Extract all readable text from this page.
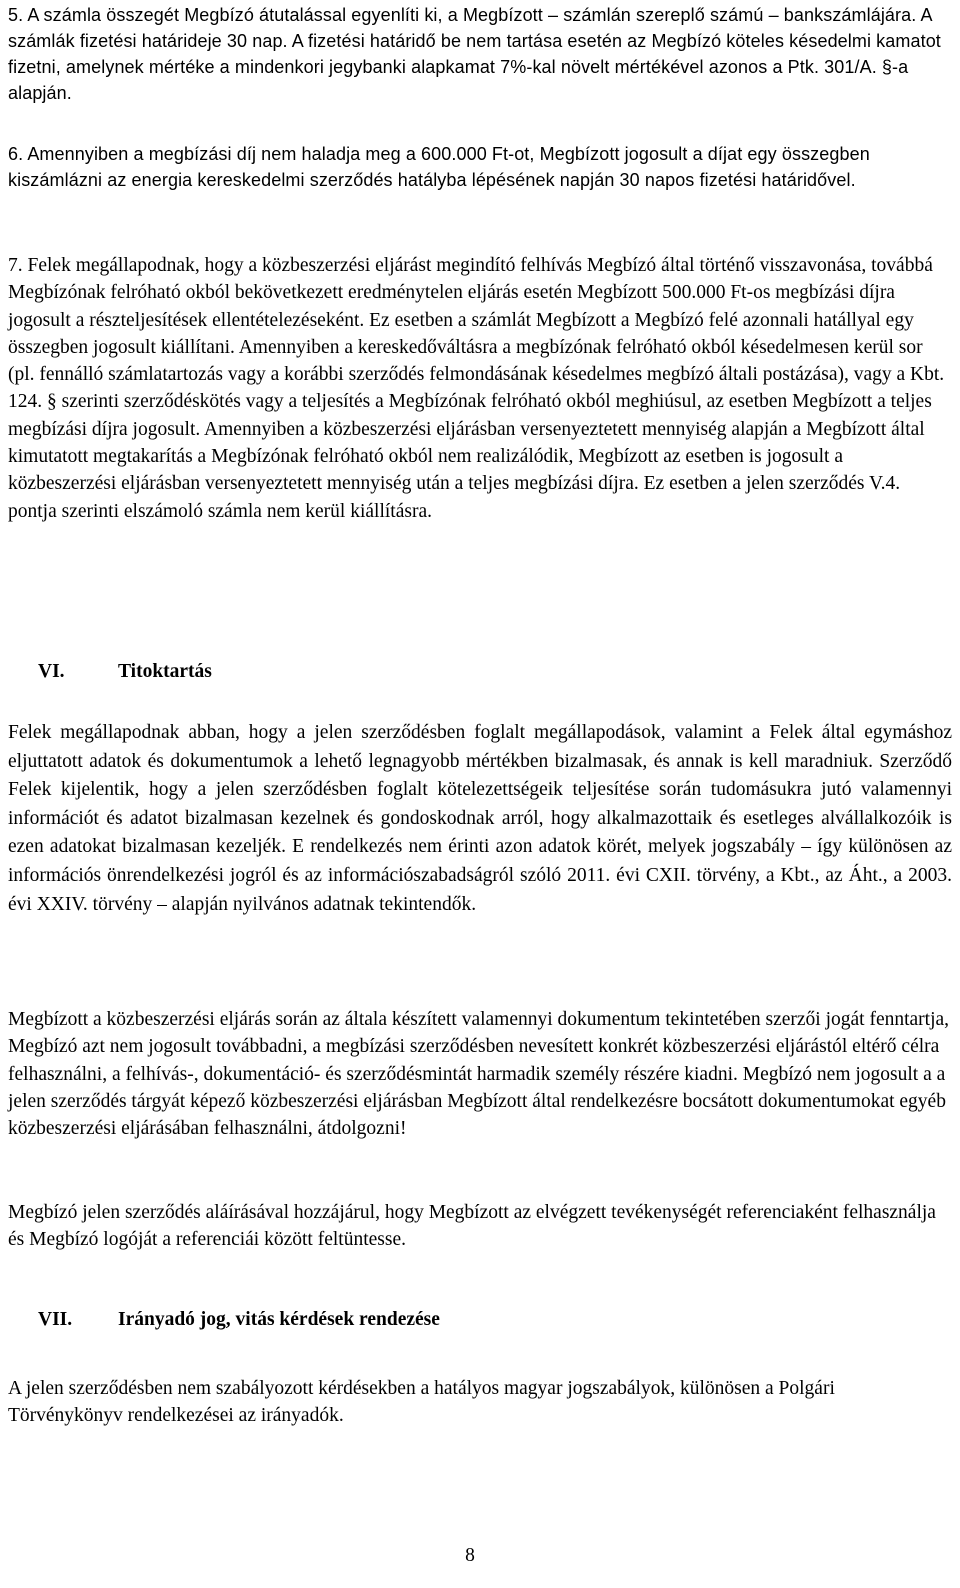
5. A számla összegét Megbízó átutalással egyenlíti ki, a Megbízott – számlán szereplő számú – bankszámlájára. A számlák fizetési határideje 30 nap. A fizetési határidő be nem tartása esetén az Megbízó köteles késedelmi kamatot fizetni, amelynek mértéke a mindenkori jegybanki alapkamat 7%-kal növelt mértékével azonos a Ptk. 301/A. §-a alapján.

6. Amennyiben a megbízási díj nem haladja meg a 600.000 Ft-ot, Megbízott jogosult a díjat egy összegben kiszámlázni az energia kereskedelmi szerződés hatályba lépésének napján 30 napos fizetési határidővel.

7. Felek megállapodnak, hogy a közbeszerzési eljárást megindító felhívás Megbízó által történő visszavonása, továbbá Megbízónak felróható okból bekövetkezett eredménytelen eljárás esetén Megbízott 500.000 Ft-os megbízási díjra jogosult a részteljesítések ellentételezéseként. Ez esetben a számlát Megbízott a Megbízó felé azonnali hatállyal egy összegben jogosult kiállítani. Amennyiben a kereskedőváltásra a megbízónak felróható okból késedelmesen kerül sor (pl. fennálló számlatartozás vagy a korábbi szerződés felmondásának késedelmes megbízó általi postázása), vagy a Kbt. 124. § szerinti szerződéskötés vagy a teljesítés a Megbízónak felróható okból meghiúsul, az esetben Megbízott a teljes megbízási díjra jogosult. Amennyiben a közbeszerzési eljárásban versenyeztetett mennyiség alapján a Megbízott által kimutatott megtakarítás a Megbízónak felróható okból nem realizálódik, Megbízott az esetben is jogosult a közbeszerzési eljárásban versenyeztetett mennyiség után a teljes megbízási díjra. Ez esetben a jelen szerződés V.4. pontja szerinti elszámoló számla nem kerül kiállításra.

VI.	Titoktartás

Felek megállapodnak abban, hogy a jelen szerződésben foglalt megállapodások, valamint a Felek által egymáshoz eljuttatott adatok és dokumentumok a lehető legnagyobb mértékben bizalmasak, és annak is kell maradniuk. Szerződő Felek kijelentik, hogy a jelen szerződésben foglalt kötelezettségeik teljesítése során tudomásukra jutó valamennyi információt és adatot bizalmasan kezelnek és gondoskodnak arról, hogy alkalmazottaik és esetleges alvállalkozóik is ezen adatokat bizalmasan kezeljék. E rendelkezés nem érinti azon adatok körét, melyek jogszabály – így különösen az információs önrendelkezési jogról és az információszabadságról szóló 2011. évi CXII. törvény, a Kbt., az Áht., a 2003. évi XXIV. törvény – alapján nyilvános adatnak tekintendők.

Megbízott a közbeszerzési eljárás során az általa készített valamennyi dokumentum tekintetében szerzői jogát fenntartja, Megbízó azt nem jogosult továbbadni, a megbízási szerződésben nevesített konkrét közbeszerzési eljárástól eltérő célra felhasználni, a felhívás-, dokumentáció- és szerződésmintát harmadik személy részére kiadni. Megbízó nem jogosult a a jelen szerződés tárgyát képező közbeszerzési eljárásban Megbízott által rendelkezésre bocsátott dokumentumokat egyéb közbeszerzési eljárásában felhasználni, átdolgozni!

Megbízó jelen szerződés aláírásával hozzájárul, hogy Megbízott az elvégzett tevékenységét referenciaként felhasználja és Megbízó logóját a referenciái között feltüntesse.

VII. Irányadó jog, vitás kérdések rendezése

A jelen szerződésben nem szabályozott kérdésekben a hatályos magyar jogszabályok, különösen a Polgári Törvénykönyv rendelkezései az irányadók.

8
